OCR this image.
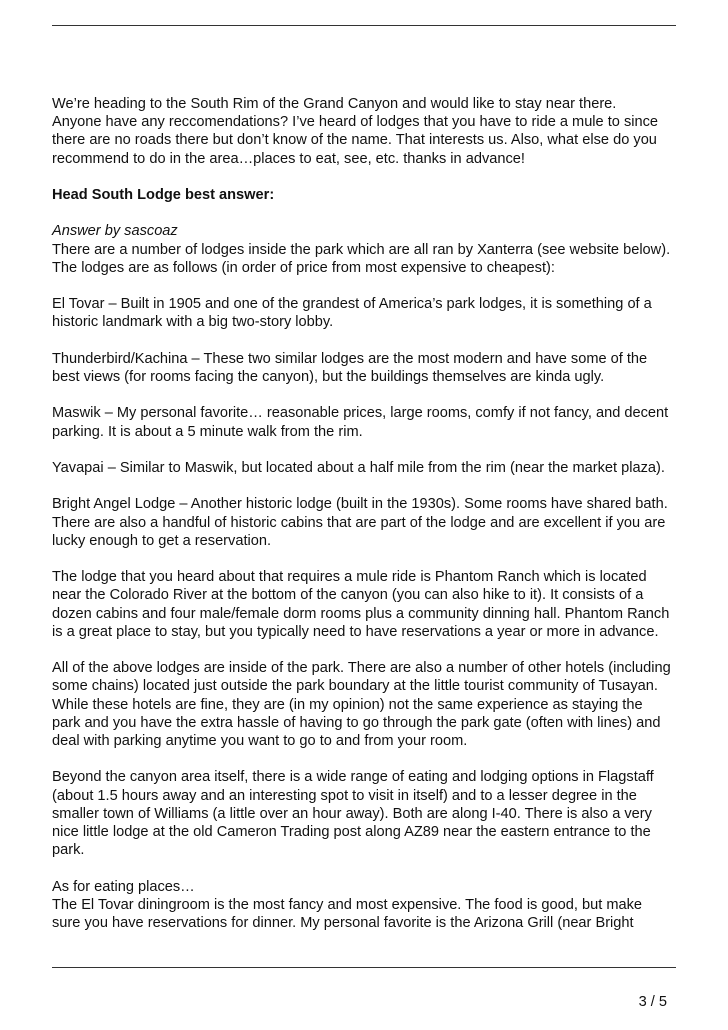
We’re heading to the South Rim of the Grand Canyon and would like to stay near there.
Anyone have any reccomendations? I’ve heard of lodges that you have to ride a mule to since
there are no roads there but don’t know of the name. That interests us. Also, what else do you
recommend to do in the area…places to eat, see, etc. thanks in advance!

Head South Lodge best answer:

Answer by sascoaz
There are a number of lodges inside the park which are all ran by Xanterra (see website below).
The lodges are as follows (in order of price from most expensive to cheapest):

El Tovar – Built in 1905 and one of the grandest of America’s park lodges, it is something of a
historic landmark with a big two-story lobby.

Thunderbird/Kachina – These two similar lodges are the most modern and have some of the
best views (for rooms facing the canyon), but the buildings themselves are kinda ugly.

Maswik – My personal favorite… reasonable prices, large rooms, comfy if not fancy, and decent
parking. It is about a 5 minute walk from the rim.

Yavapai – Similar to Maswik, but located about a half mile from the rim (near the market plaza).

Bright Angel Lodge – Another historic lodge (built in the 1930s). Some rooms have shared bath.
There are also a handful of historic cabins that are part of the lodge and are excellent if you are
lucky enough to get a reservation.

The lodge that you heard about that requires a mule ride is Phantom Ranch which is located
near the Colorado River at the bottom of the canyon (you can also hike to it). It consists of a
dozen cabins and four male/female dorm rooms plus a community dinning hall. Phantom Ranch
is a great place to stay, but you typically need to have reservations a year or more in advance.

All of the above lodges are inside of the park. There are also a number of other hotels (including
some chains) located just outside the park boundary at the little tourist community of Tusayan.
While these hotels are fine, they are (in my opinion) not the same experience as staying the
park and you have the extra hassle of having to go through the park gate (often with lines) and
deal with parking anytime you want to go to and from your room.

Beyond the canyon area itself, there is a wide range of eating and lodging options in Flagstaff
(about 1.5 hours away and an interesting spot to visit in itself) and to a lesser degree in the
smaller town of Williams (a little over an hour away). Both are along I-40. There is also a very
nice little lodge at the old Cameron Trading post along AZ89 near the eastern entrance to the
park.

As for eating places…
The El Tovar diningroom is the most fancy and most expensive. The food is good, but make
sure you have reservations for dinner. My personal favorite is the Arizona Grill (near Bright

3 / 5
